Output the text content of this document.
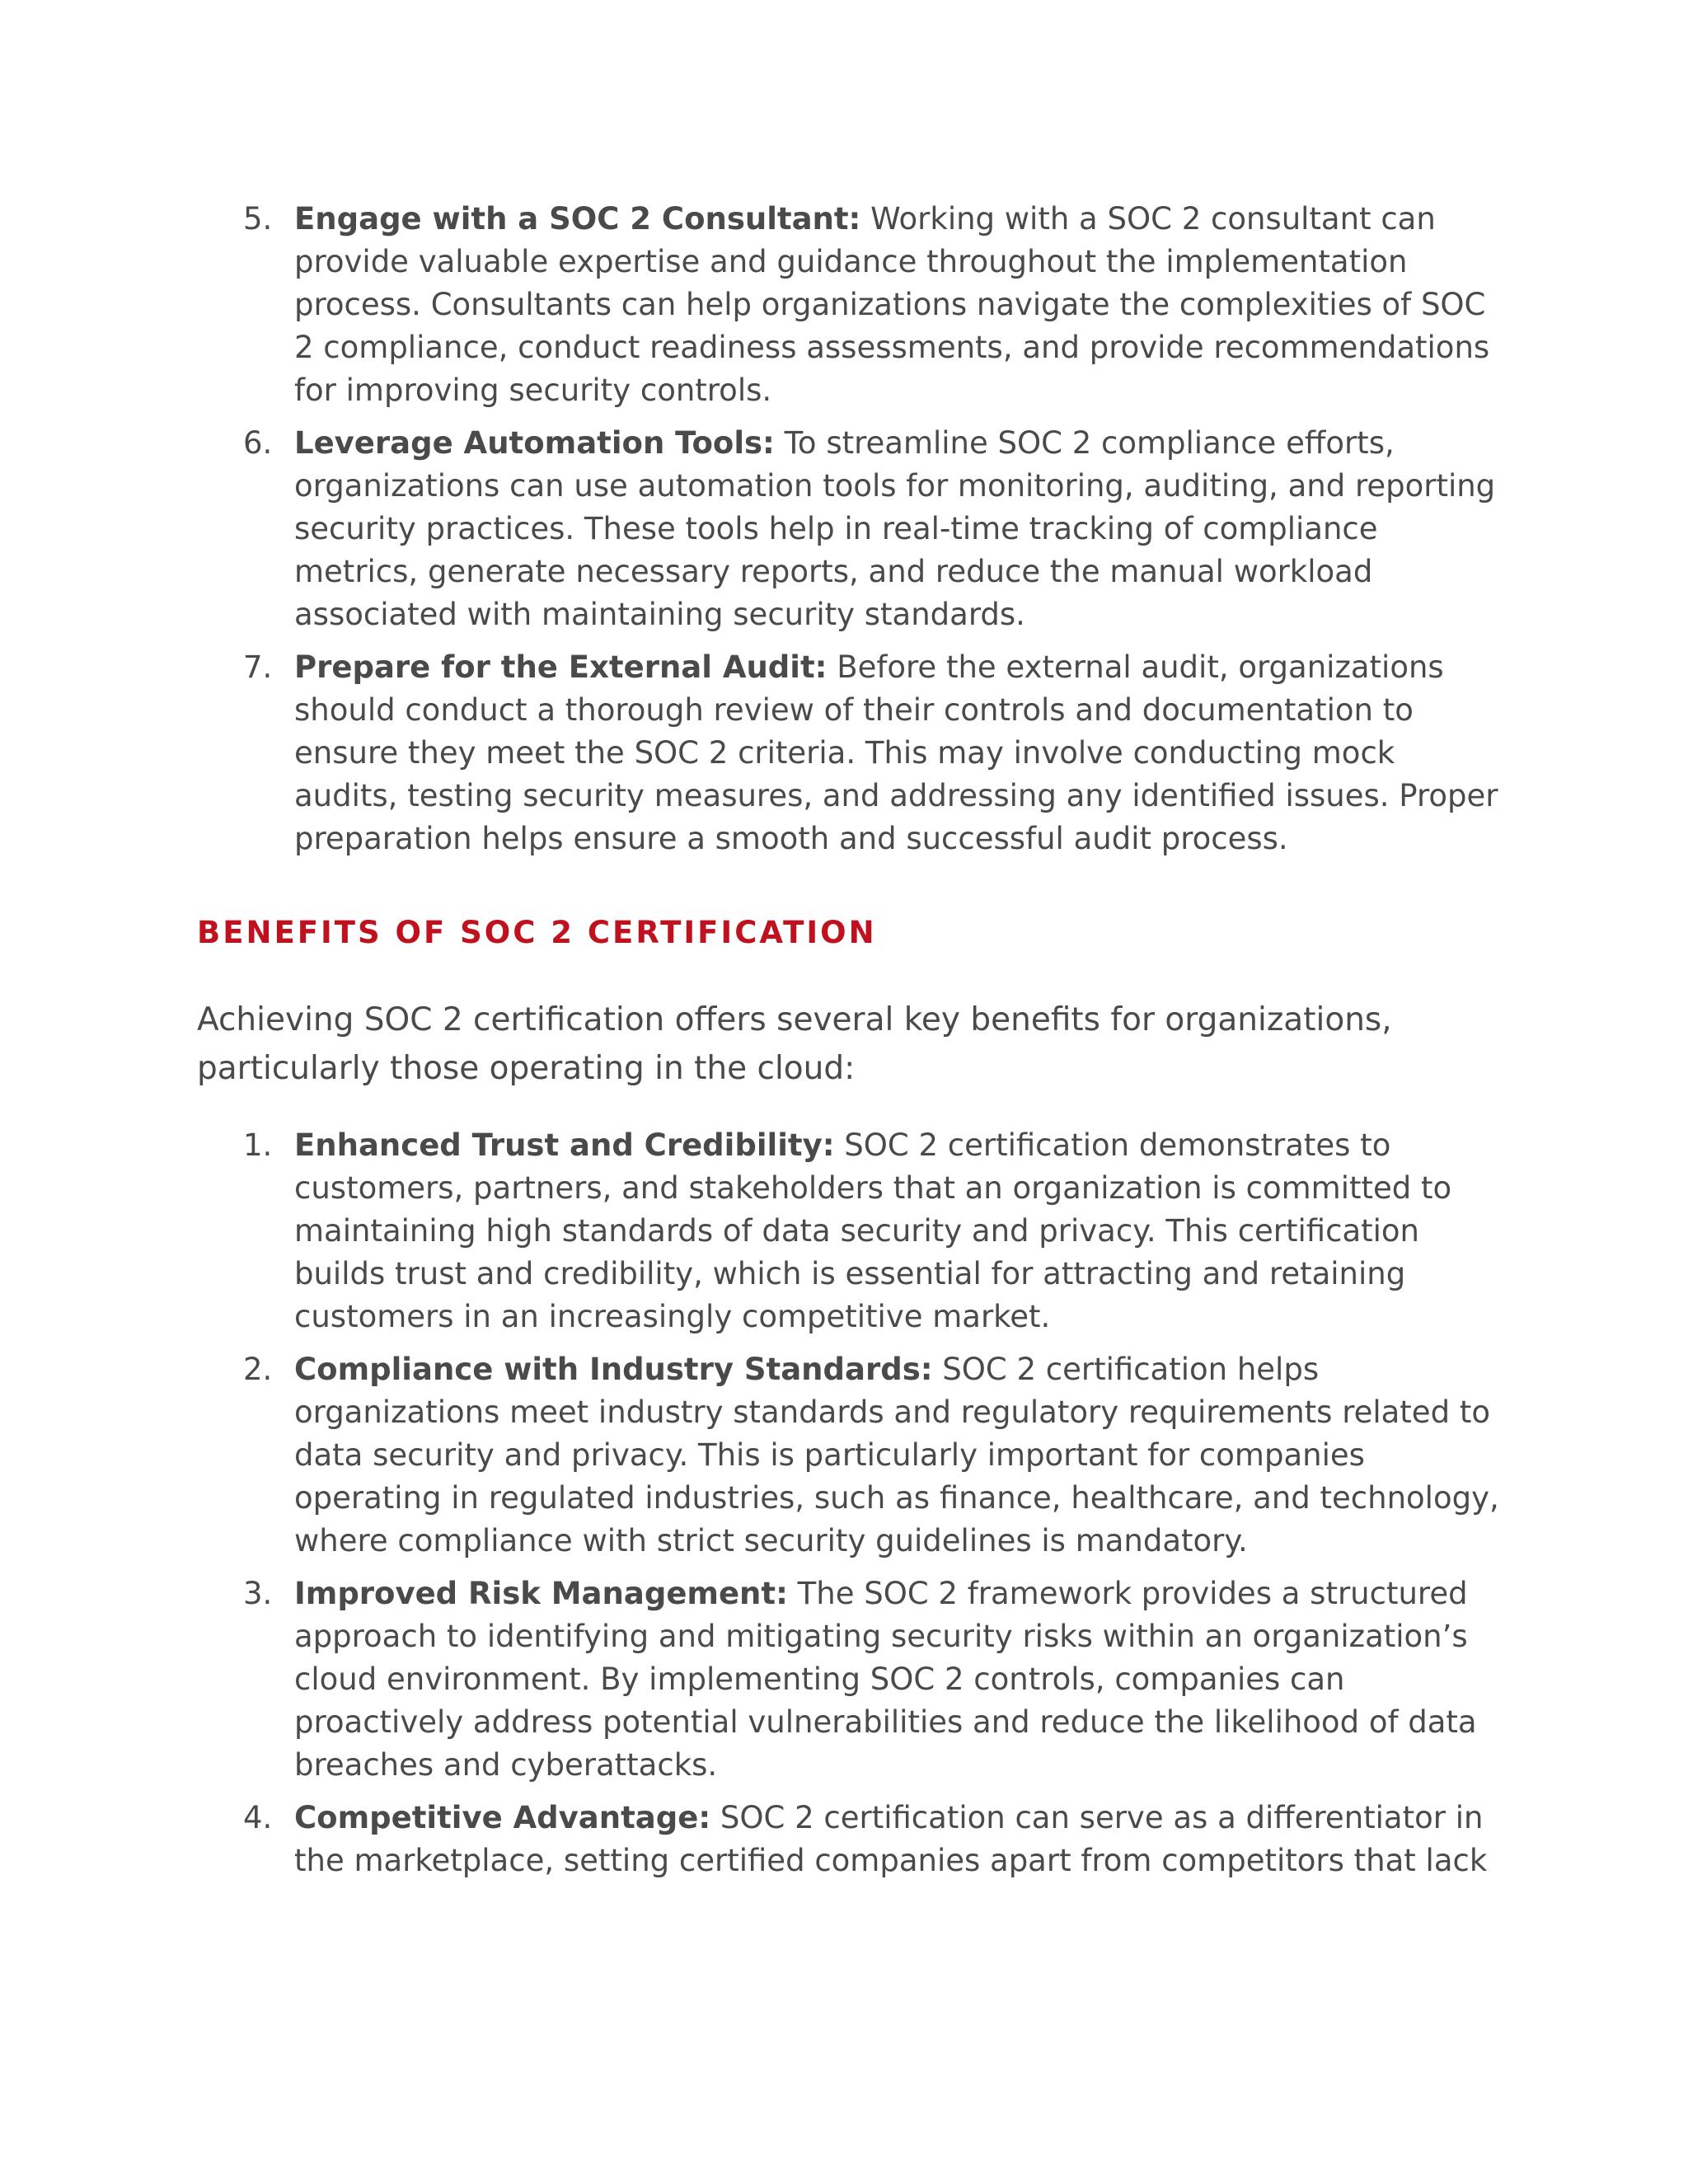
5. Engage with a SOC 2 Consultant: Working with a SOC 2 consultant can provide valuable expertise and guidance throughout the implementation process. Consultants can help organizations navigate the complexities of SOC 2 compliance, conduct readiness assessments, and provide recommendations for improving security controls.
6. Leverage Automation Tools: To streamline SOC 2 compliance efforts, organizations can use automation tools for monitoring, auditing, and reporting security practices. These tools help in real-time tracking of compliance metrics, generate necessary reports, and reduce the manual workload associated with maintaining security standards.
7. Prepare for the External Audit: Before the external audit, organizations should conduct a thorough review of their controls and documentation to ensure they meet the SOC 2 criteria. This may involve conducting mock audits, testing security measures, and addressing any identified issues. Proper preparation helps ensure a smooth and successful audit process.
BENEFITS OF SOC 2 CERTIFICATION

Achieving SOC 2 certification offers several key benefits for organizations, particularly those operating in the cloud:

1. Enhanced Trust and Credibility: SOC 2 certification demonstrates to customers, partners, and stakeholders that an organization is committed to maintaining high standards of data security and privacy. This certification builds trust and credibility, which is essential for attracting and retaining customers in an increasingly competitive market.
2. Compliance with Industry Standards: SOC 2 certification helps organizations meet industry standards and regulatory requirements related to data security and privacy. This is particularly important for companies operating in regulated industries, such as finance, healthcare, and technology, where compliance with strict security guidelines is mandatory.
3. Improved Risk Management: The SOC 2 framework provides a structured approach to identifying and mitigating security risks within an organization’s cloud environment. By implementing SOC 2 controls, companies can proactively address potential vulnerabilities and reduce the likelihood of data breaches and cyberattacks.
4. Competitive Advantage: SOC 2 certification can serve as a differentiator in the marketplace, setting certified companies apart from competitors that lack
